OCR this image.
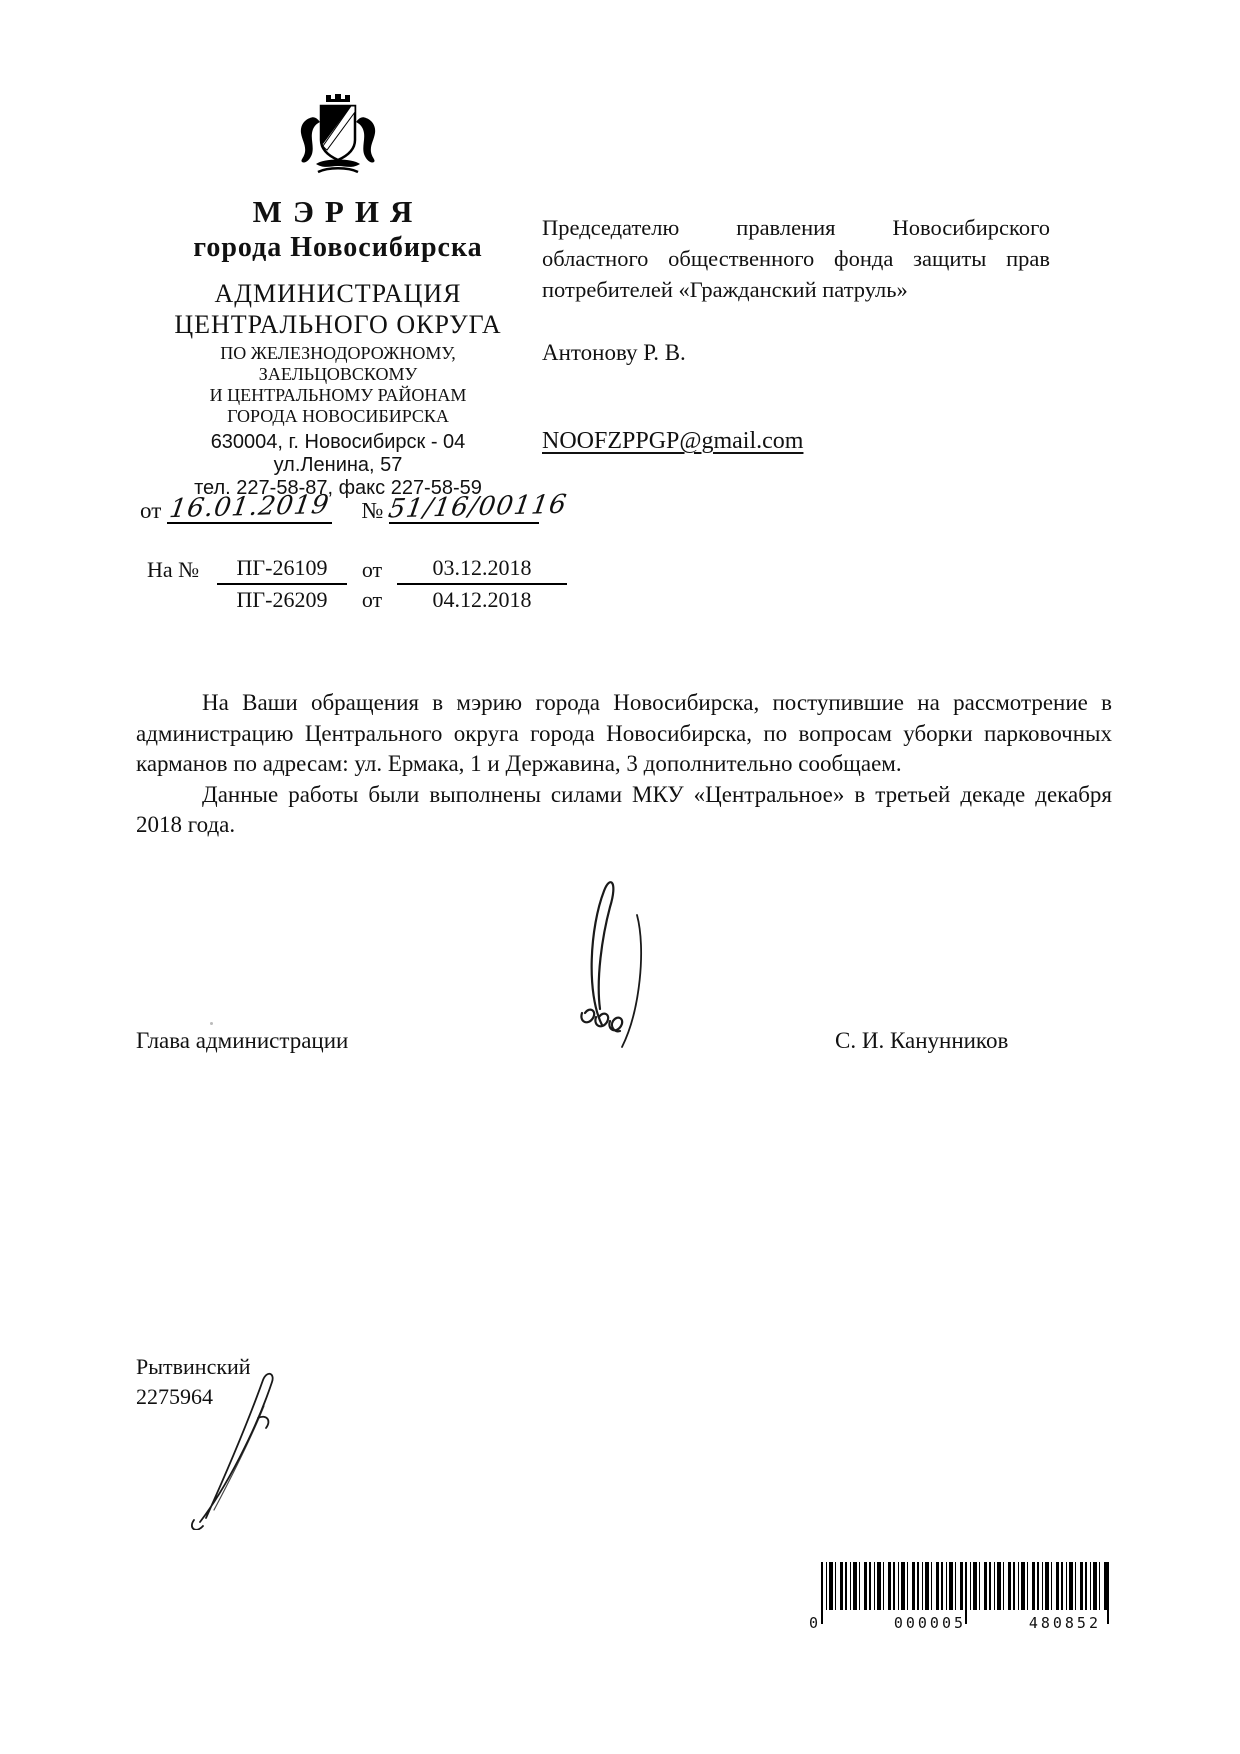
МЭРИЯ
города Новосибирска
АДМИНИСТРАЦИЯ
ЦЕНТРАЛЬНОГО ОКРУГА
ПО ЖЕЛЕЗНОДОРОЖНОМУ,
ЗАЕЛЬЦОВСКОМУ
И ЦЕНТРАЛЬНОМУ РАЙОНАМ
ГОРОДА НОВОСИБИРСКА
630004, г. Новосибирск - 04
ул.Ленина, 57
тел. 227-58-87, факс 227-58-59
от 16.01.2019 № 51/16/00116
На №	ПГ-26109	от	03.12.2018
ПГ-26209	от	04.12.2018
Председателю правления Новосибирского областного общественного фонда защиты прав потребителей «Гражданский патруль»
Антонову Р. В.
NOOFZPPGP@gmail.com

На Ваши обращения в мэрию города Новосибирска, поступившие на рассмотрение в администрацию Центрального округа города Новосибирска, по вопросам уборки парковочных карманов по адресам: ул. Ермака, 1 и Державина, 3 дополнительно сообщаем.

Данные работы были выполнены силами МКУ «Центральное» в третьей декаде декабря 2018 года.

Глава администрации	С. И. Канунников
Рытвинский
2275964
0	000005	480852
